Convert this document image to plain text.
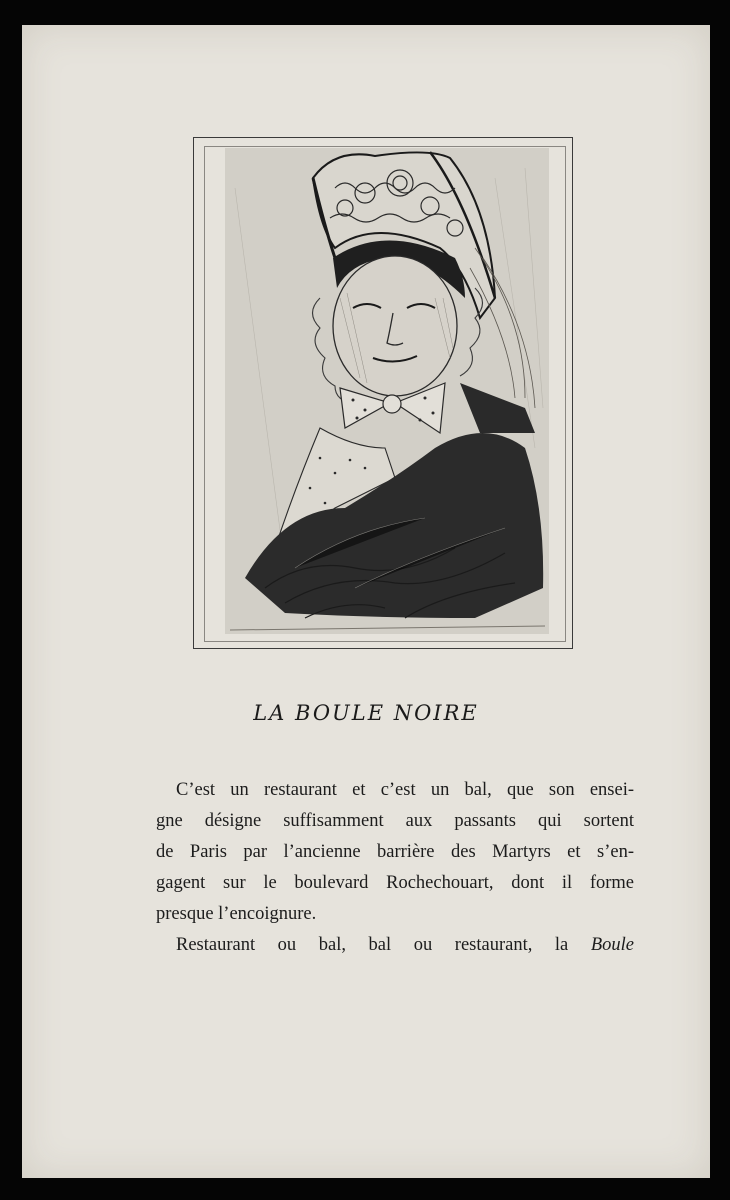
LA BOULE NOIRE
C’est un restaurant et c’est un bal, que son ensei-
gne désigne suffisamment aux passants qui sortent
de Paris par l’ancienne barrière des Martyrs et s’en-
gagent sur le boulevard Rochechouart, dont il forme
presque l’encoignure.
Restaurant ou bal, bal ou restaurant, la Boule
